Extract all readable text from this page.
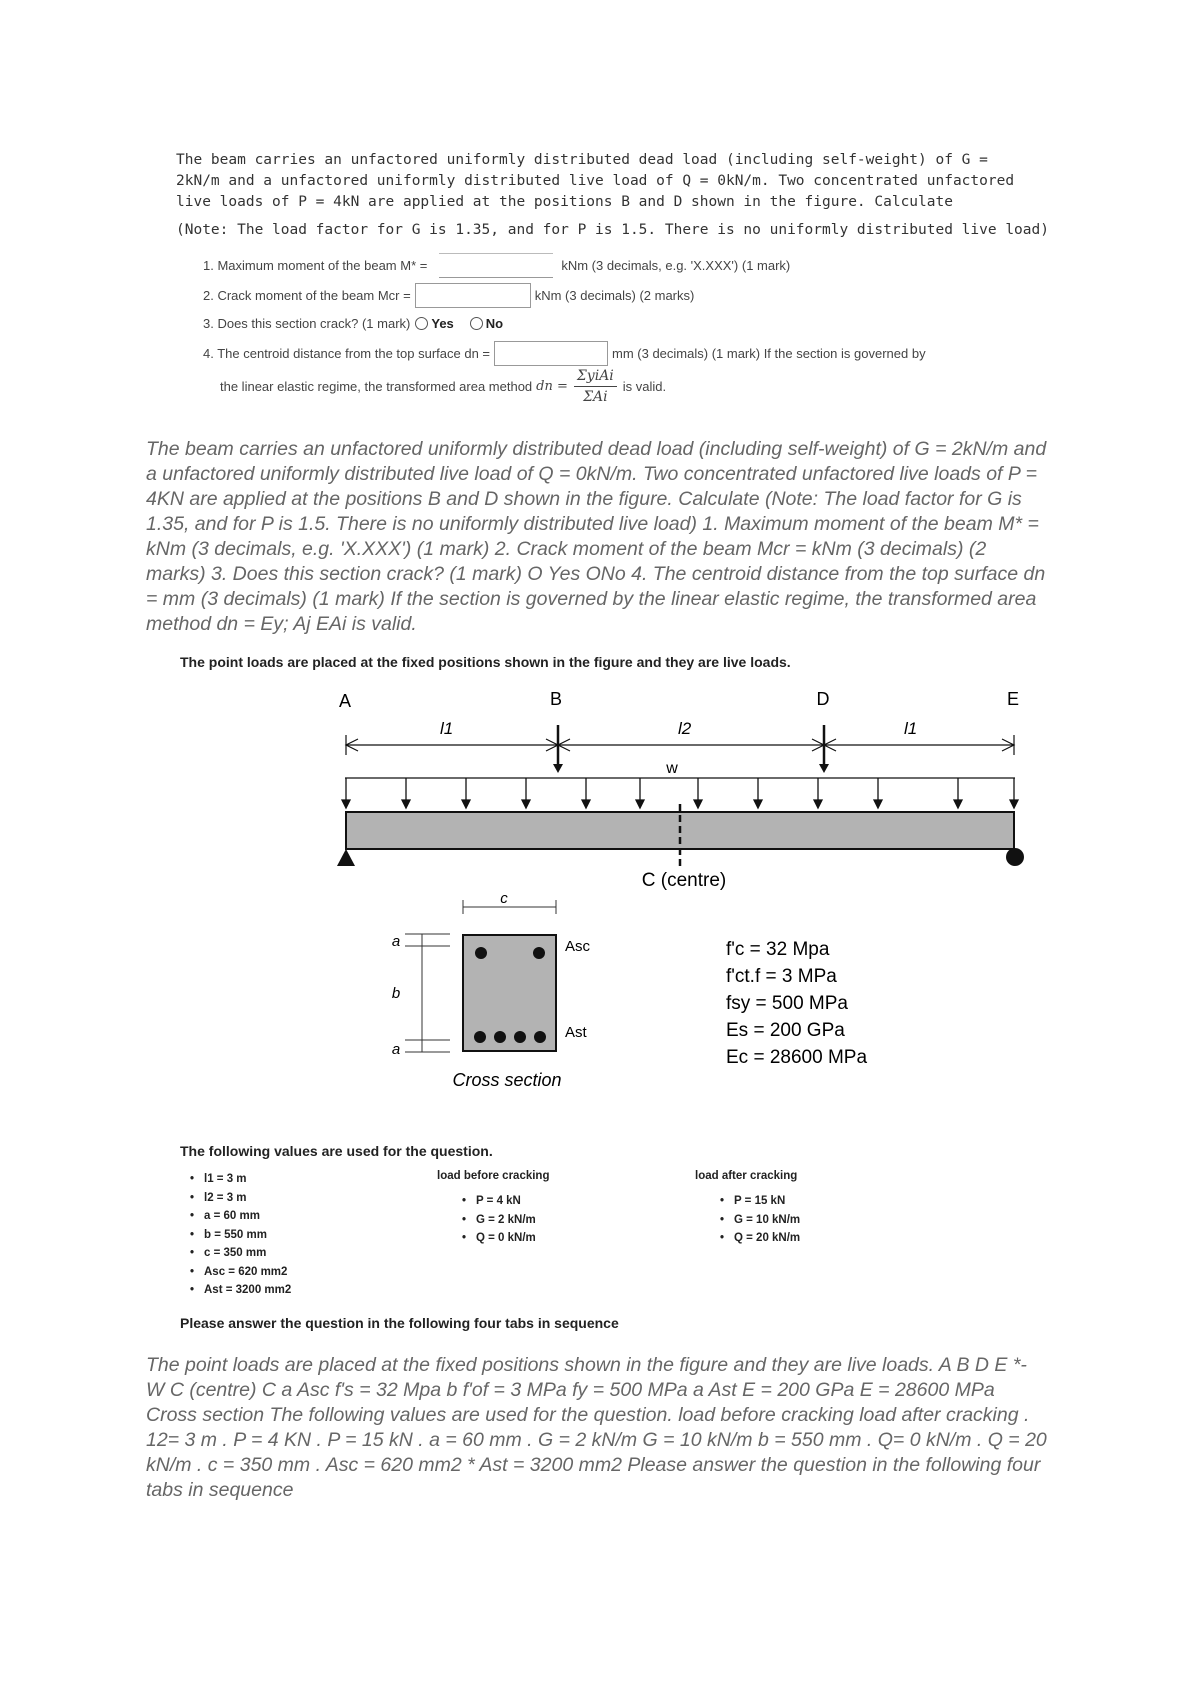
The beam carries an unfactored uniformly distributed dead load (including self-weight) of G = 2kN/m and a unfactored uniformly distributed live load of Q = 0kN/m. Two concentrated unfactored live loads of P = 4kN are applied at the positions B and D shown in the figure. Calculate
(Note: The load factor for G is 1.35, and for P is 1.5. There is no uniformly distributed live load)
1. Maximum moment of the beam M* =	kNm (3 decimals, e.g. 'X.XXX') (1 mark)
2. Crack moment of the beam Mcr =	kNm (3 decimals) (2 marks)
3. Does this section crack? (1 mark) Yes No
4. The centroid distance from the top surface dn =	mm (3 decimals) (1 mark) If the section is governed by
the linear elastic regime, the transformed area method dn = $\frac{\text{ΣyiAi}}{\text{ΣAi}}$ is valid.
The beam carries an unfactored uniformly distributed dead load (including self-weight) of G = 2kN/m and a unfactored uniformly distributed live load of Q = 0kN/m. Two concentrated unfactored live loads of P = 4KN are applied at the positions B and D shown in the figure. Calculate (Note: The load factor for G is 1.35, and for P is 1.5. There is no uniformly distributed live load) 1. Maximum moment of the beam M* = kNm (3 decimals, e.g. 'X.XXX') (1 mark) 2. Crack moment of the beam Mcr = kNm (3 decimals) (2 marks) 3. Does this section crack? (1 mark) O Yes ONo 4. The centroid distance from the top surface dn = mm (3 decimals) (1 mark) If the section is governed by the linear elastic regime, the transformed area method dn = Ey; Aj EAi is valid.
The point loads are placed at the fixed positions shown in the figure and they are live loads.
A	B	D	E
l1	l2	l1
w
C (centre)
c
a
b
a
Asc
Ast
Cross section
f'c = 32 Mpa
f'ct.f = 3 MPa
fsy = 500 MPa
Es = 200 GPa
Ec = 28600 MPa
The following values are used for the question.
• l1 = 3 m
• l2 = 3 m
• a = 60 mm
• b = 550 mm
• c = 350 mm
• Asc = 620 mm2
• Ast = 3200 mm2
load before cracking
• P = 4 kN
• G = 2 kN/m
• Q = 0 kN/m
load after cracking
• P = 15 kN
• G = 10 kN/m
• Q = 20 kN/m
Please answer the question in the following four tabs in sequence
The point loads are placed at the fixed positions shown in the figure and they are live loads. A B D E *- W C (centre) C a Asc f's = 32 Mpa b f'of = 3 MPa fy = 500 MPa a Ast E = 200 GPa E = 28600 MPa Cross section The following values are used for the question. load before cracking load after cracking . 12= 3 m . P = 4 KN . P = 15 kN . a = 60 mm . G = 2 kN/m G = 10 kN/m b = 550 mm . Q= 0 kN/m . Q = 20 kN/m . c = 350 mm . Asc = 620 mm2 * Ast = 3200 mm2 Please answer the question in the following four tabs in sequence
